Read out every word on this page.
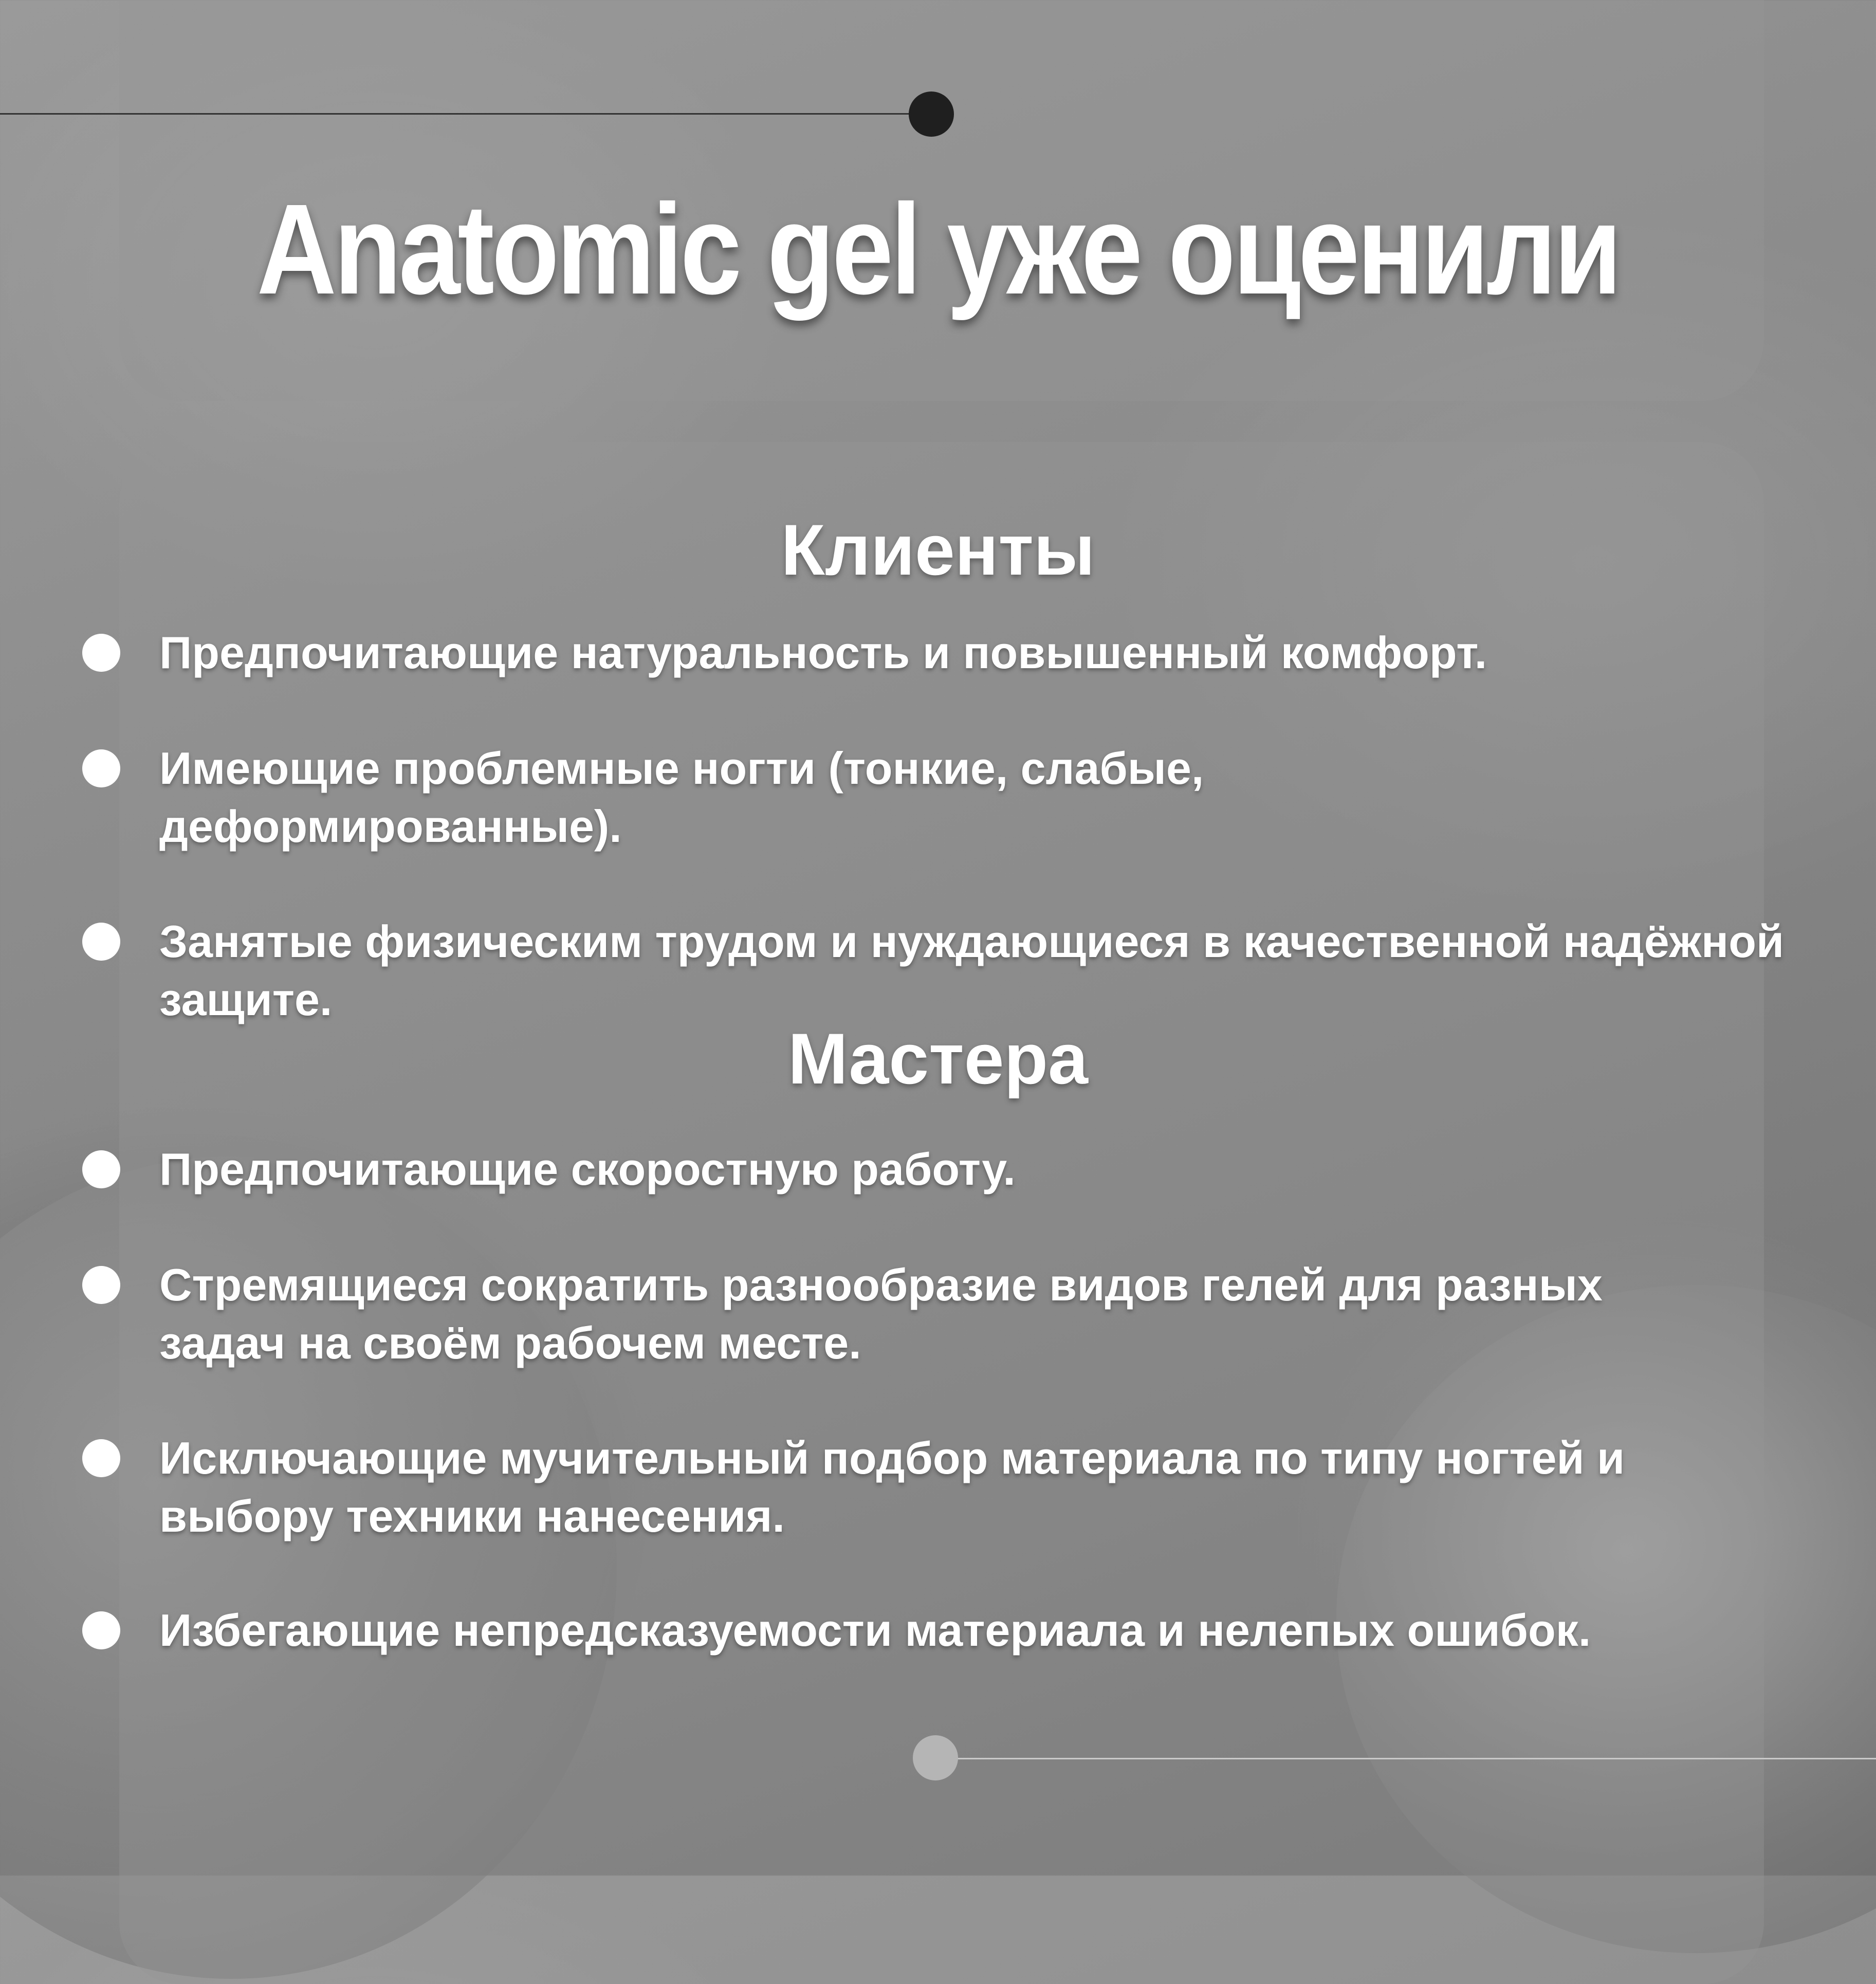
Anatomic gel уже оценили
Клиенты
Предпочитающие натуральность и повышенный комфорт.
Имеющие проблемные ногти (тонкие, слабые, деформированные).
Занятые физическим трудом и нуждающиеся в качественной надёжной защите.
Мастера
Предпочитающие скоростную работу.
Стремящиеся сократить разнообразие видов гелей для разных задач на своём рабочем месте.
Исключающие мучительный подбор материала по типу ногтей и выбору техники нанесения.
Избегающие непредсказуемости материала и нелепых ошибок.
